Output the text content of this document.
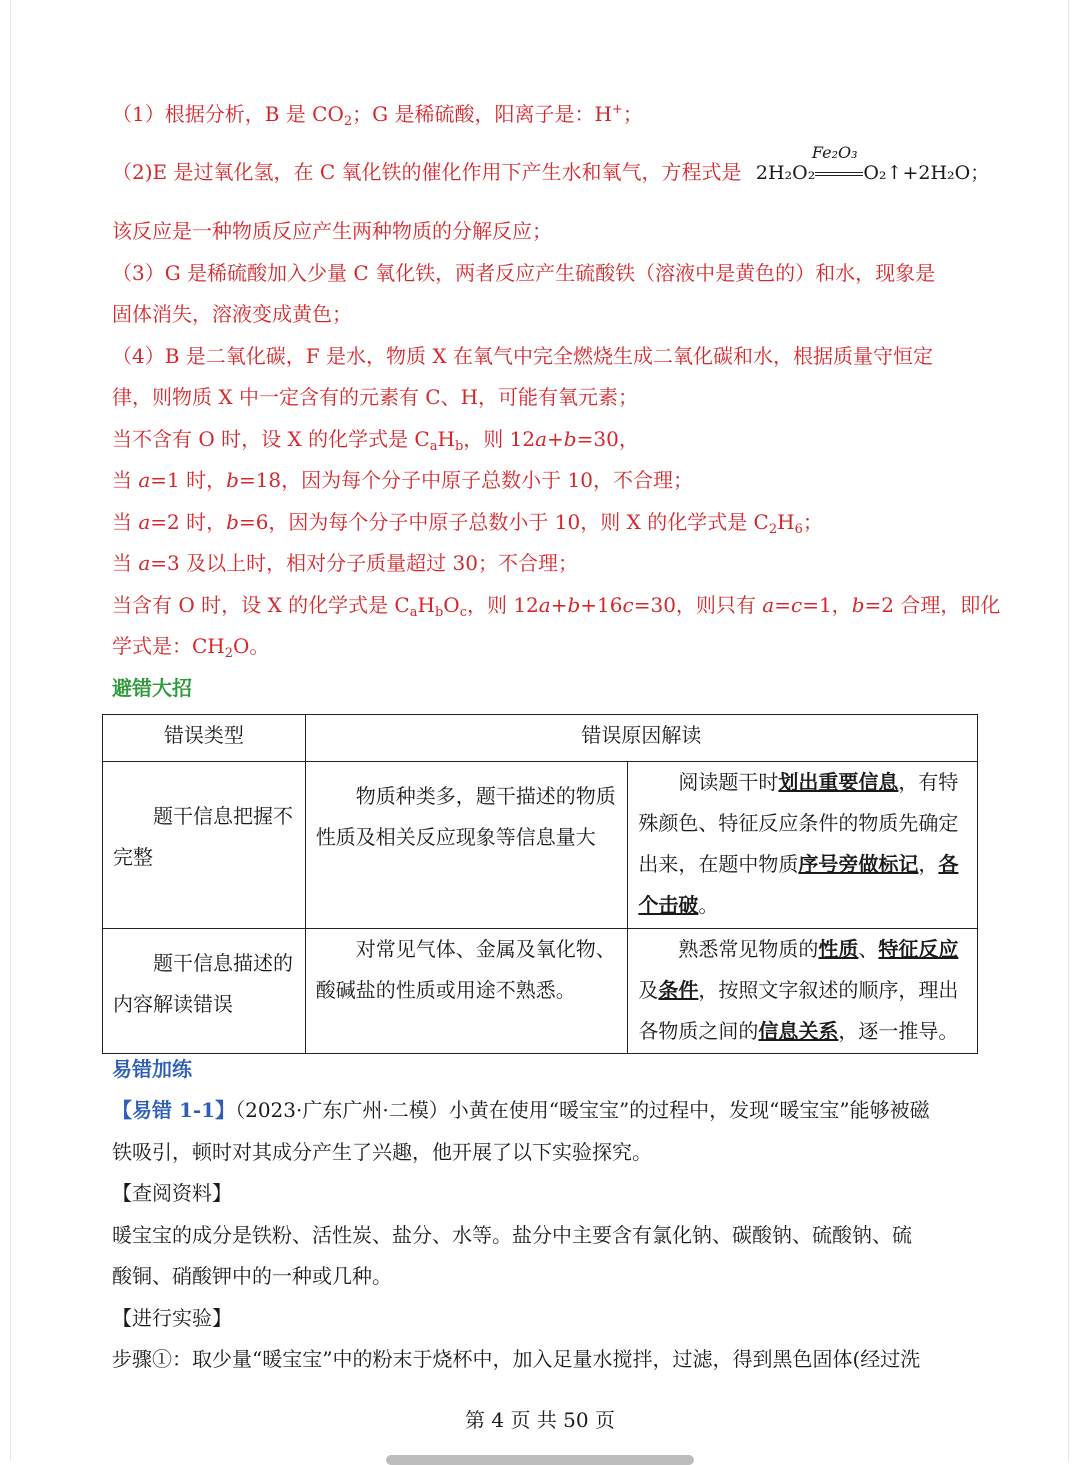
（1）根据分析，B 是 $CO_2$；G 是稀硫酸，阳离子是：H+；
（2)E 是过氧化氢，在 C 氧化铁的催化作用下产生水和氧气，方程式是 2H₂O₂
Fe₂O₃
O₂↑+2H₂O；
该反应是一种物质反应产生两种物质的分解反应；
（3）G 是稀硫酸加入少量 C 氧化铁，两者反应产生硫酸铁（溶液中是黄色的）和水，现象是
固体消失，溶液变成黄色；
（4）B 是二氧化碳，F 是水，物质 X 在氧气中完全燃烧生成二氧化碳和水，根据质量守恒定
律，则物质 X 中一定含有的元素有 C、H，可能有氧元素；
当不含有 O 时，设 X 的化学式是 $C_aH_b$，则 12a+b=30，
当 a=1 时，b=18，因为每个分子中原子总数小于 10，不合理；
当 a=2 时，b=6，因为每个分子中原子总数小于 10，则 X 的化学式是 $C_2H_6$；
当 a=3 及以上时，相对分子质量超过 30；不合理；
当含有 O 时，设 X 的化学式是 $C_aH_bO_c$，则 12a+b+16c=30，则只有 a=c=1，b=2 合理，即化
学式是：$CH_2O$。
避错大招
错误类型	错误原因解读	
题干信息把握不完整	物质种类多，题干描述的物质性质及相关反应现象等信息量大	阅读题干时划出重要信息，有特殊颜色、特征反应条件的物质先确定出来，在题中物质序号旁做标记，各个击破。
题干信息描述的内容解读错误	对常见气体、金属及氧化物、酸碱盐的性质或用途不熟悉。	熟悉常见物质的性质、特征反应及条件，按照文字叙述的顺序，理出各物质之间的信息关系，逐一推导。
易错加练
【易错 1-1】（2023·广东广州·二模）小黄在使用“暖宝宝”的过程中，发现“暖宝宝”能够被磁
铁吸引，顿时对其成分产生了兴趣，他开展了以下实验探究。
【查阅资料】
暖宝宝的成分是铁粉、活性炭、盐分、水等。盐分中主要含有氯化钠、碳酸钠、硫酸钠、硫
酸铜、硝酸钾中的一种或几种。
【进行实验】
步骤①：取少量“暖宝宝”中的粉末于烧杯中，加入足量水搅拌，过滤，得到黑色固体(经过洗
第 4 页 共 50 页
